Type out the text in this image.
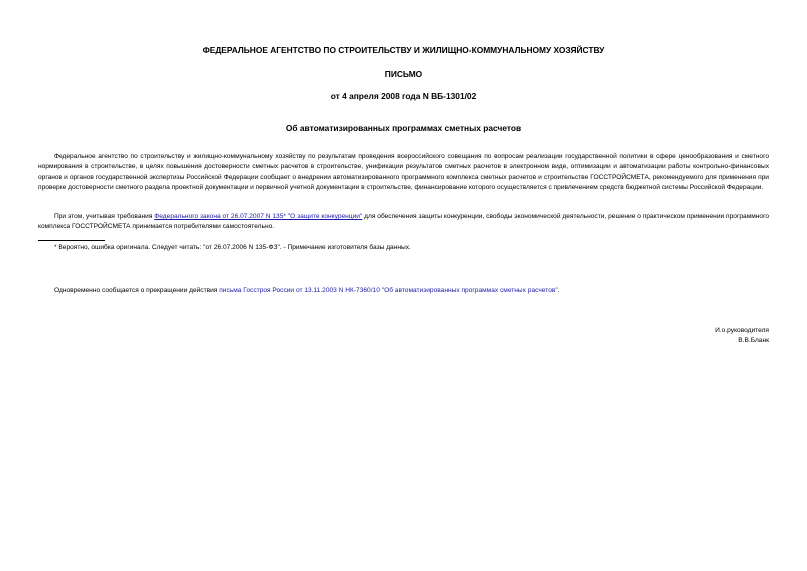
ФЕДЕРАЛЬНОЕ АГЕНТСТВО ПО СТРОИТЕЛЬСТВУ И ЖИЛИЩНО-КОММУНАЛЬНОМУ ХОЗЯЙСТВУ
ПИСЬМО
от 4 апреля 2008 года N ВБ-1301/02
Об автоматизированных программах сметных расчетов

Федеральное агентство по строительству и жилищно-коммунальному хозяйству по результатам проведения всероссийского совещания по вопросам реализации государственной политики в сфере ценообразования и сметного нормирования в строительстве, в целях повышения достоверности сметных расчетов в строительстве, унификации результатов сметных расчетов в электронном виде, оптимизации и автоматизации работы контрольно-финансовых органов и органов государственной экспертизы Российской Федерации сообщает о внедрении автоматизированного программного комплекса сметных расчетов и строительстве ГОССТРОЙСМЕТА, рекомендуемого для применения при проверке достоверности сметного раздела проектной документации и первичной учетной документации в строительстве, финансирование которого осуществляется с привлечением средств бюджетной системы Российской Федерации.

При этом, учитывая требования Федерального закона от 26.07.2007 N 135* "О защите конкуренции" для обеспечения защиты конкуренции, свободы экономической деятельности, решение о практическом применении программного комплекса ГОССТРОЙСМЕТА принимается потребителями самостоятельно.

* Вероятно, ошибка оригинала. Следует читать: "от 26.07.2006 N 135-ФЗ". - Примечание изготовителя базы данных.
Одновременно сообщается о прекращении действия письма Госстроя России от 13.11.2003 N НК-7360/10 "Об автоматизированных программах сметных расчетов".
И.о.руководителя
В.В.Бланк
